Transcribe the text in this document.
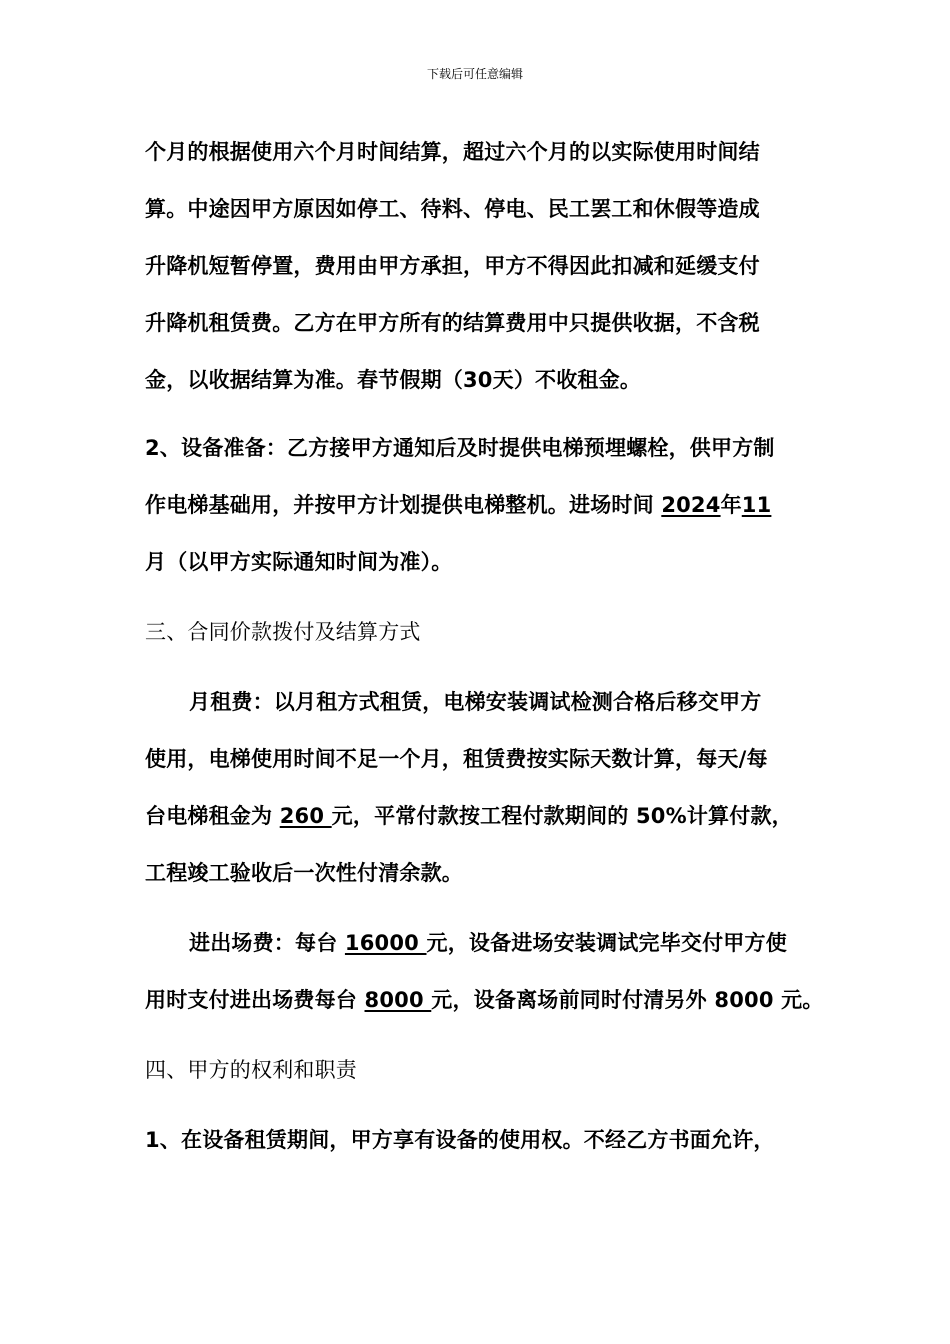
下载后可任意编辑
个月的根据使用六个月时间结算，超过六个月的以实际使用时间结
算。中途因甲方原因如停工、待料、停电、民工罢工和休假等造成
升降机短暂停置，费用由甲方承担，甲方不得因此扣减和延缓支付
升降机租赁费。乙方在甲方所有的结算费用中只提供收据，不含税
金，以收据结算为准。春节假期（30天）不收租金。
2、设备准备：乙方接甲方通知后及时提供电梯预埋螺栓，供甲方制
作电梯基础用，并按甲方计划提供电梯整机。进场时间 2024年11
月（以甲方实际通知时间为准）。
三、合同价款拨付及结算方式
月租费：以月租方式租赁，电梯安装调试检测合格后移交甲方
使用，电梯使用时间不足一个月，租赁费按实际天数计算，每天/每
台电梯租金为 260 元，平常付款按工程付款期间的 50%计算付款，
工程竣工验收后一次性付清余款。
进出场费：每台 16000 元，设备进场安装调试完毕交付甲方使
用时支付进出场费每台 8000 元，设备离场前同时付清另外 8000 元。
四、甲方的权利和职责
1、在设备租赁期间，甲方享有设备的使用权。不经乙方书面允许，
